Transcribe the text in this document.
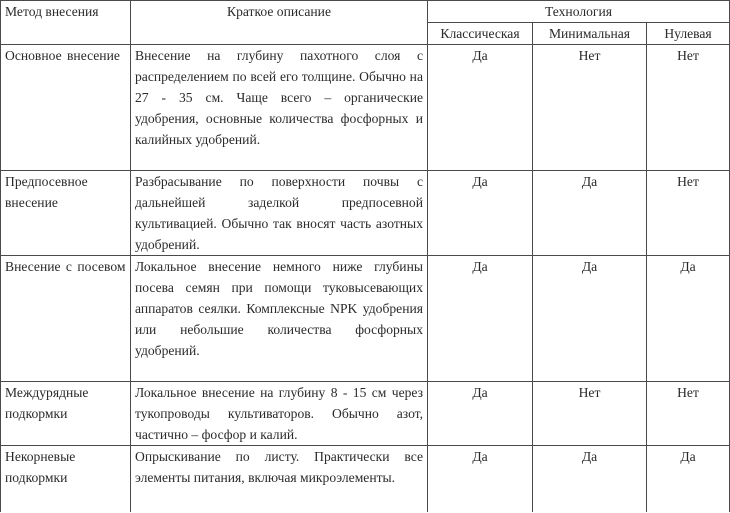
Метод внесения	Краткое описание	Технология		
		Классическая	Минимальная	Нулевая
Основное внесение	Внесение на глубину пахотного слоя с распределением по всей его толщине. Обычно на 27 - 35 см. Чаще всего – органические удобрения, основные количества фосфорных и калийных удобрений.	Да	Нет	Нет
Предпосевное внесение	Разбрасывание по поверхности почвы с дальнейшей заделкой предпосевной культивацией. Обычно так вносят часть азотных удобрений.	Да	Да	Нет
Внесение с посевом	Локальное внесение немного ниже глубины посева семян при помощи туковысевающих аппаратов сеялки. Комплексные NPK удобрения или небольшие количества фосфорных удобрений.	Да	Да	Да
Междурядные подкормки	Локальное внесение на глубину 8 - 15 см через тукопроводы культиваторов. Обычно азот, частично – фосфор и калий.	Да	Нет	Нет
Некорневые подкормки	Опрыскивание по листу. Практически все элементы питания, включая микроэлементы.	Да	Да	Да
